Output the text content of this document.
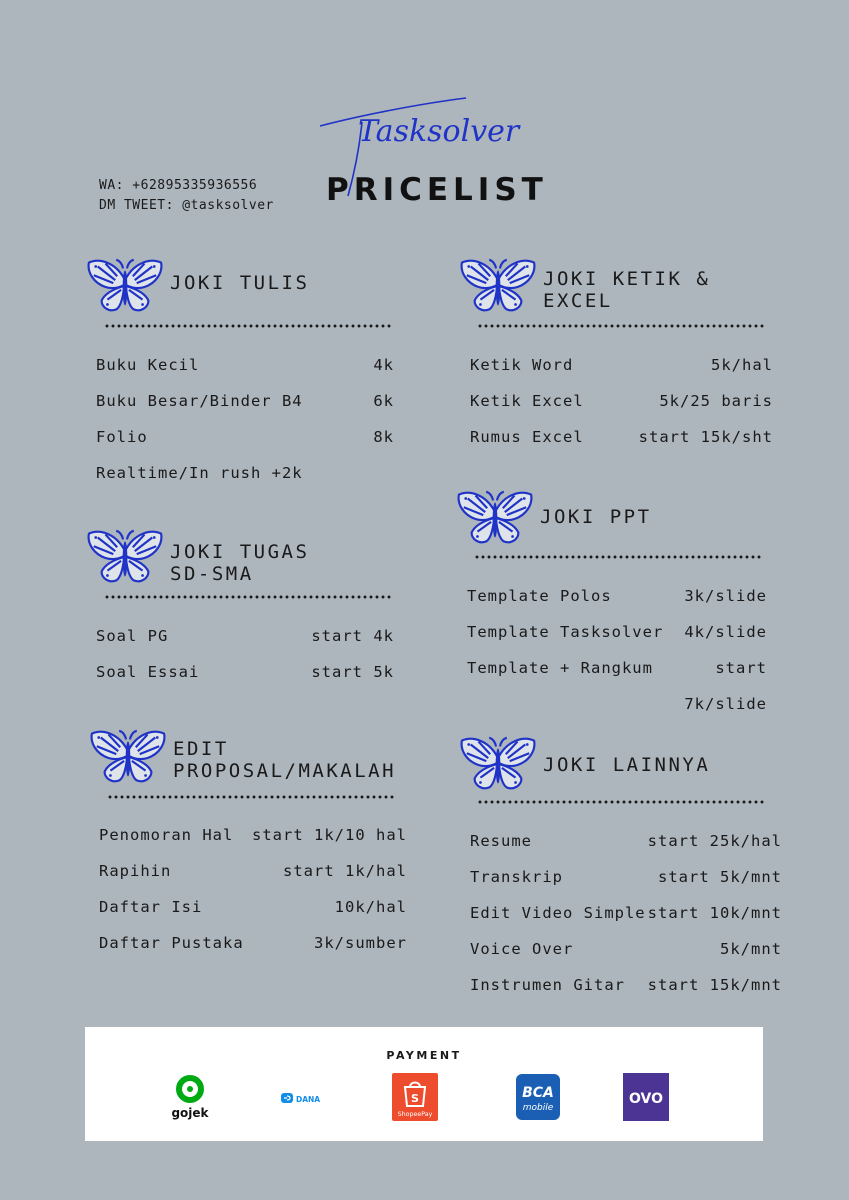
Tasksolver
PRICELIST
WA: +62895335936556
DM TWEET: @tasksolver
JOKI TULIS
Buku Kecil	4k
Buku Besar/Binder B4	6k
Folio	8k
Realtime/In rush +2k
JOKI TUGAS
SD-SMA
Soal PG	start 4k
Soal Essai	start 5k
EDIT
PROPOSAL/MAKALAH
Penomoran Hal start 1k/10 hal
Rapihin	start 1k/hal
Daftar Isi	10k/hal
Daftar Pustaka	3k/sumber
JOKI KETIK &
EXCEL
Ketik Word	5k/hal
Ketik Excel	5k/25 baris
Rumus Excel	start 15k/sht
JOKI PPT
Template Polos	3k/slide
Template Tasksolver 4k/slide
Template + Rangkum	start
7k/slide
JOKI LAINNYA
Resume	start 25k/hal
Transkrip	start 5k/mnt
Edit Video Simple start 10k/mnt
Voice Over	5k/mnt
Instrumen Gitar start 15k/mnt
PAYMENT
gojek
DANA	S
ShopeePay
BCA
mobile
OVO
